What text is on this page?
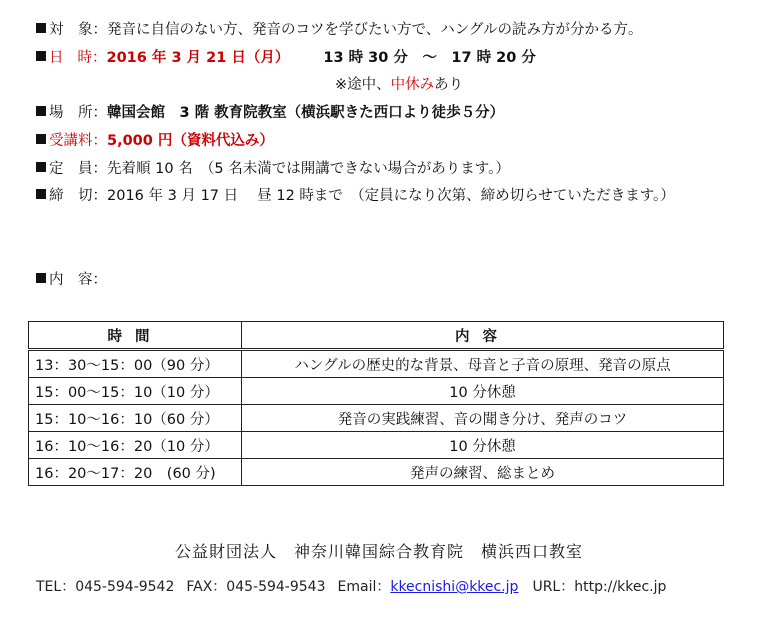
対　象：発音に自信のない方、発音のコツを学びたい方で、ハングルの読み方が分かる方。
日 時：2016 年 3 月 21 日（月） 13 時 30 分　～　17 時 20 分
※途中、中休みあり
場　所：韓国会館　3 階 教育院教室（横浜駅きた西口より徒歩５分）
受講料：5,000 円（資料代込み）
定　員：先着順 10 名　（5 名未満では開講できない場合があります。）
締　切：2016 年 3 月 17 日　 昼 12 時まで　（定員になり次第、締め切らせていただきます。）
内　容：
時間	内容
13：30～15：00（90 分）	ハングルの歴史的な背景、母音と子音の原理、発音の原点
15：00～15：10（10 分）	10 分休憩
15：10～16：10（60 分）	発音の実践練習、音の聞き分け、発声のコツ
16：10～16：20（10 分）	10 分休憩
16：20～17：20　(60 分)	発声の練習、総まとめ
公益財団法人　神奈川韓国綜合教育院　横浜西口教室
TEL：045-594-9542 FAX：045-594-9543 Email：kkecnishi@kkec.jp URL：http://kkec.jp
